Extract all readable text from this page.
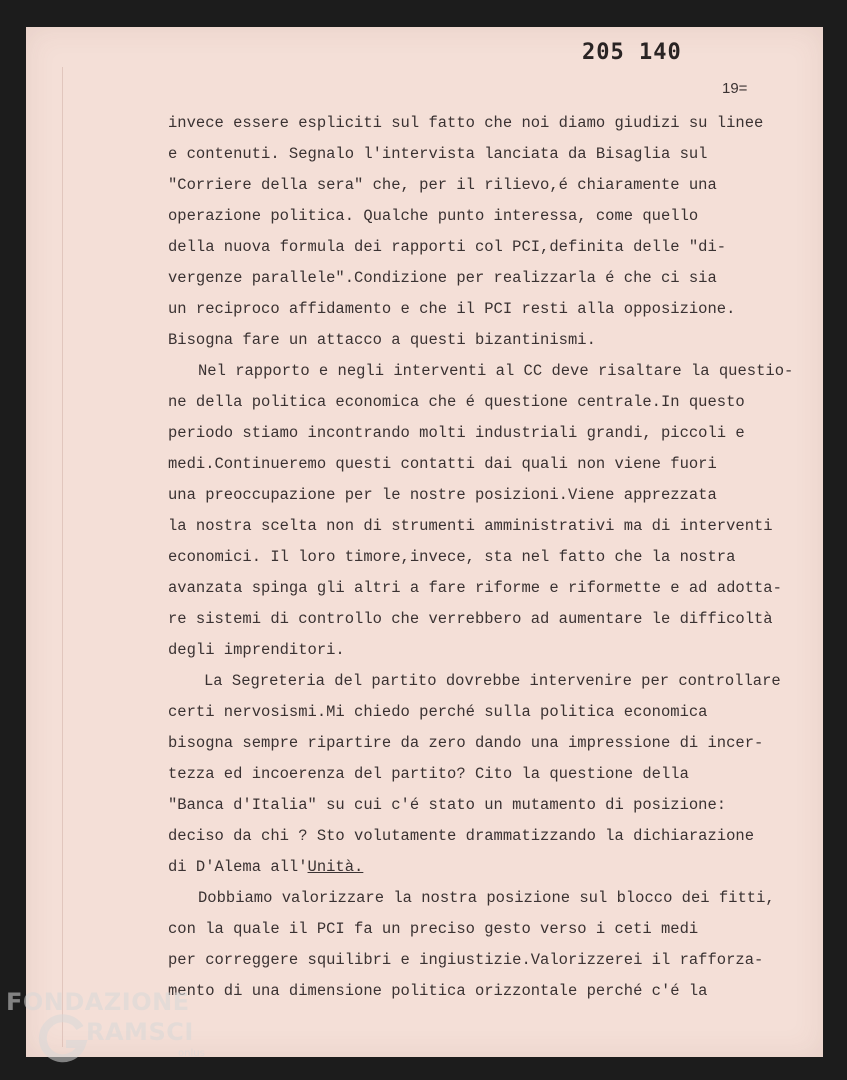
205 140
19=
invece essere espliciti sul fatto che noi diamo giudizi su linee
e contenuti. Segnalo l'intervista lanciata da Bisaglia sul
"Corriere della sera" che, per il rilievo,é chiaramente una
operazione politica. Qualche punto interessa, come quello
della nuova formula dei rapporti col PCI,definita delle "di-
vergenze parallele".Condizione per realizzarla é che ci sia
un reciproco affidamento e che il PCI resti alla opposizione.
Bisogna fare un attacco a questi bizantinismi.
Nel rapporto e negli interventi al CC deve risaltare la questio-
ne della politica economica che é questione centrale.In questo
periodo stiamo incontrando molti industriali grandi, piccoli e
medi.Continueremo questi contatti dai quali non viene fuori
una preoccupazione per le nostre posizioni.Viene apprezzata
la nostra scelta non di strumenti amministrativi ma di interventi
economici. Il loro timore,invece, sta nel fatto che la nostra
avanzata spinga gli altri a fare riforme e riformette e ad adotta-
re sistemi di controllo che verrebbero ad aumentare le difficoltà
degli imprenditori.
La Segreteria del partito dovrebbe intervenire per controllare
certi nervosismi.Mi chiedo perché sulla politica economica
bisogna sempre ripartire da zero dando una impressione di incer-
tezza ed incoerenza del partito? Cito la questione della
"Banca d'Italia" su cui c'é stato un mutamento di posizione:
deciso da chi ? Sto volutamente drammatizzando la dichiarazione
di D'Alema all'Unità.
Dobbiamo valorizzare la nostra posizione sul blocco dei fitti,
con la quale il PCI fa un preciso gesto verso i ceti medi
per correggere squilibri e ingiustizie.Valorizzerei il rafforza-
mento di una dimensione politica orizzontale perché c'é la
FONDAZIONE
RAMSCI
onlus
